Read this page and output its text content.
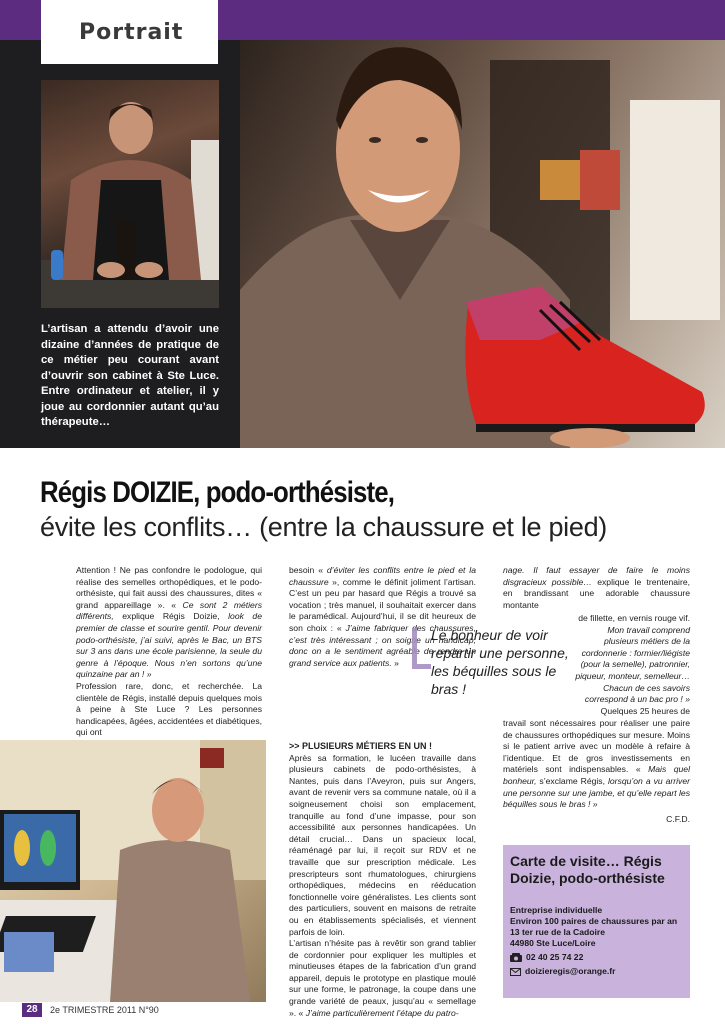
Portrait
L’artisan a attendu d’avoir une dizaine d’années de pratique de ce métier peu courant avant d’ouvrir son cabinet à Ste Luce. Entre ordinateur et atelier, il y joue au cordonnier autant qu’au thérapeute…
Régis DOIZIE, podo-orthésiste,
évite les conflits… (entre la chaussure et le pied)

Attention ! Ne pas confondre le podologue, qui réalise des semelles orthopédiques, et le podo-orthésiste, qui fait aussi des chaussures, dites « grand appareillage ». « Ce sont 2 métiers différents, explique Régis Doizie, look de premier de classe et sourire gentil. Pour devenir podo-orthésiste, j’ai suivi, après le Bac, un BTS sur 3 ans dans une école parisienne, la seule du genre à l’époque. Nous n’en sortons qu’une quinzaine par an ! »

Profession rare, donc, et recherchée. La clientèle de Régis, installé depuis quelques mois à peine à Ste Luce ? Les personnes handicapées, âgées, accidentées et diabétiques, qui ont

besoin « d’éviter les conflits entre le pied et la chaussure », comme le définit joliment l’artisan. C’est un peu par hasard que Régis a trouvé sa vocation ; très manuel, il souhaitait exercer dans le paramédical. Aujourd’hui, il se dit heureux de son choix : « J’aime fabriquer des chaussures, c’est très intéressant ; on soigne un handicap, donc on a le sentiment agréable de rendre un grand service aux patients. »

>> PLUSIEURS MÉTIERS EN UN !

Après sa formation, le lucéen travaille dans plusieurs cabinets de podo-orthésistes, à Nantes, puis dans l’Aveyron, puis sur Angers, avant de revenir vers sa commune natale, où il a soigneusement choisi son emplacement, tranquille au fond d’une impasse, pour son accessibilité aux personnes handicapées. Un détail crucial… Dans un spacieux local, réaménagé par lui, il reçoit sur RDV et ne travaille que sur prescription médicale. Les prescripteurs sont rhumatologues, chirurgiens orthopédiques, médecins en rééducation fonctionnelle voire généralistes. Les clients sont des particuliers, souvent en maisons de retraite ou en établissements spécialisés, et viennent parfois de loin.

L’artisan n’hésite pas à revêtir son grand tablier de cordonnier pour expliquer les multiples et minutieuses étapes de la fabrication d’un grand appareil, depuis le prototype en plastique moulé sur une forme, le patronage, la coupe dans une grande variété de peaux, jusqu’au « semellage ». « J’aime particulièrement l’étape du patro-

Le bonheur de voir repartir une personne, les béquilles sous le bras !

nage. Il faut essayer de faire le moins disgracieux possible… explique le trentenaire, en brandissant une adorable chaussure montante

de fillette, en vernis rouge vif. Mon travail comprend plusieurs métiers de la cordonnerie : formier/liégiste (pour la semelle), patronnier, piqueur, monteur, semelleur… Chacun de ces savoirs correspond à un bac pro ! » Quelques 25 heures de

travail sont nécessaires pour réaliser une paire de chaussures orthopédiques sur mesure. Moins si le patient arrive avec un modèle à refaire à l’identique. Et de gros investissements en matériels sont indispensables. « Mais quel bonheur, s’exclame Régis, lorsqu’on a vu arriver une personne sur une jambe, et qu’elle repart les béquilles sous le bras ! »

C.F.D.

Carte de visite… Régis Doizie, podo-orthésiste
Entreprise individuelle
Environ 100 paires de chaussures par an
13 ter rue de la Cadoire
44980 Ste Luce/Loire
02 40 25 74 22
doizieregis@orange.fr
28	2e TRIMESTRE 2011 N°90
